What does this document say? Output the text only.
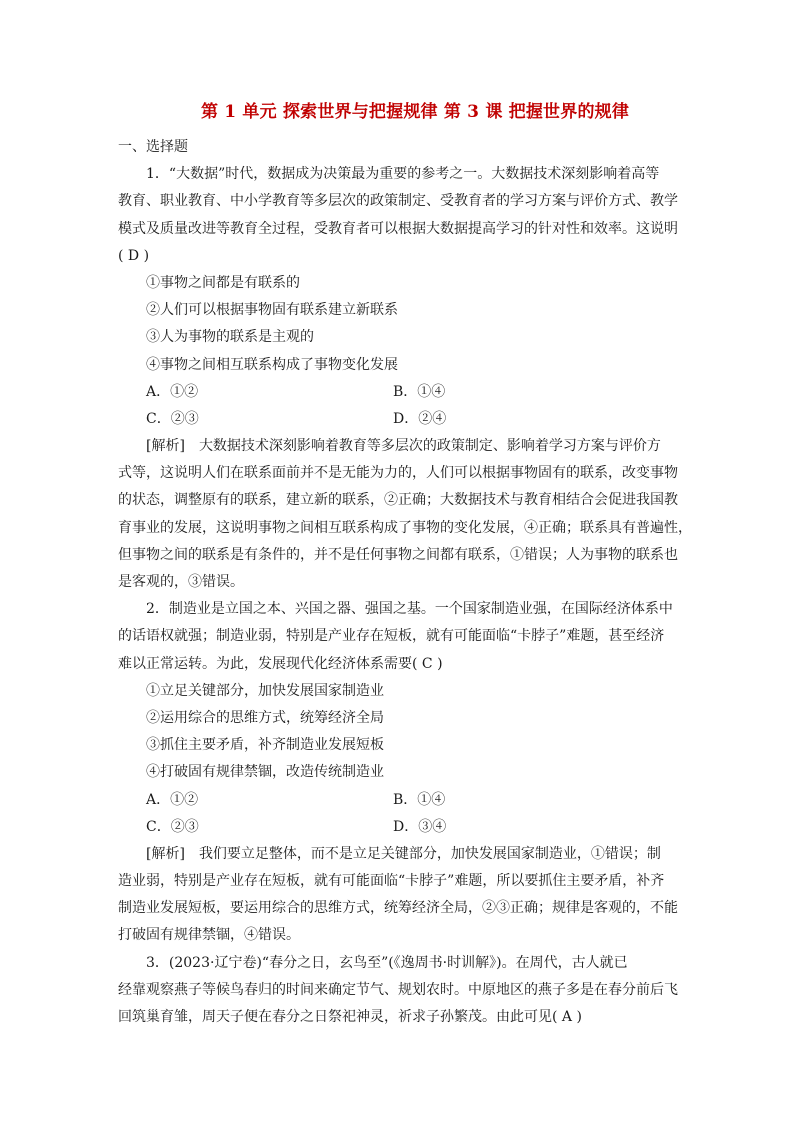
第 1 单元 探索世界与把握规律 第 3 课 把握世界的规律
一、选择题
1．“大数据”时代，数据成为决策最为重要的参考之一。大数据技术深刻影响着高等
教育、职业教育、中小学教育等多层次的政策制定、受教育者的学习方案与评价方式、教学
模式及质量改进等教育全过程，受教育者可以根据大数据提高学习的针对性和效率。这说明
( D )
①事物之间都是有联系的
②人们可以根据事物固有联系建立新联系
③人为事物的联系是主观的
④事物之间相互联系构成了事物变化发展
A．①②	B．①④
C．②③	D．②④
[解析] 大数据技术深刻影响着教育等多层次的政策制定、影响着学习方案与评价方
式等，这说明人们在联系面前并不是无能为力的，人们可以根据事物固有的联系，改变事物
的状态，调整原有的联系，建立新的联系，②正确；大数据技术与教育相结合会促进我国教
育事业的发展，这说明事物之间相互联系构成了事物的变化发展，④正确；联系具有普遍性，
但事物之间的联系是有条件的，并不是任何事物之间都有联系，①错误；人为事物的联系也
是客观的，③错误。
2．制造业是立国之本、兴国之器、强国之基。一个国家制造业强，在国际经济体系中
的话语权就强；制造业弱，特别是产业存在短板，就有可能面临“卡脖子”难题，甚至经济
难以正常运转。为此，发展现代化经济体系需要( C )
①立足关键部分，加快发展国家制造业
②运用综合的思维方式，统筹经济全局
③抓住主要矛盾，补齐制造业发展短板
④打破固有规律禁锢，改造传统制造业
A．①②	B．①④
C．②③	D．③④
[解析] 我们要立足整体，而不是立足关键部分，加快发展国家制造业，①错误；制
造业弱，特别是产业存在短板，就有可能面临“卡脖子”难题，所以要抓住主要矛盾，补齐
制造业发展短板，要运用综合的思维方式，统筹经济全局，②③正确；规律是客观的，不能
打破固有规律禁锢，④错误。
3．(2023·辽宁卷)“春分之日，玄鸟至”(《逸周书·时训解》)。在周代，古人就已
经靠观察燕子等候鸟春归的时间来确定节气、规划农时。中原地区的燕子多是在春分前后飞
回筑巢育雏，周天子便在春分之日祭祀神灵，祈求子孙繁茂。由此可见( A )
